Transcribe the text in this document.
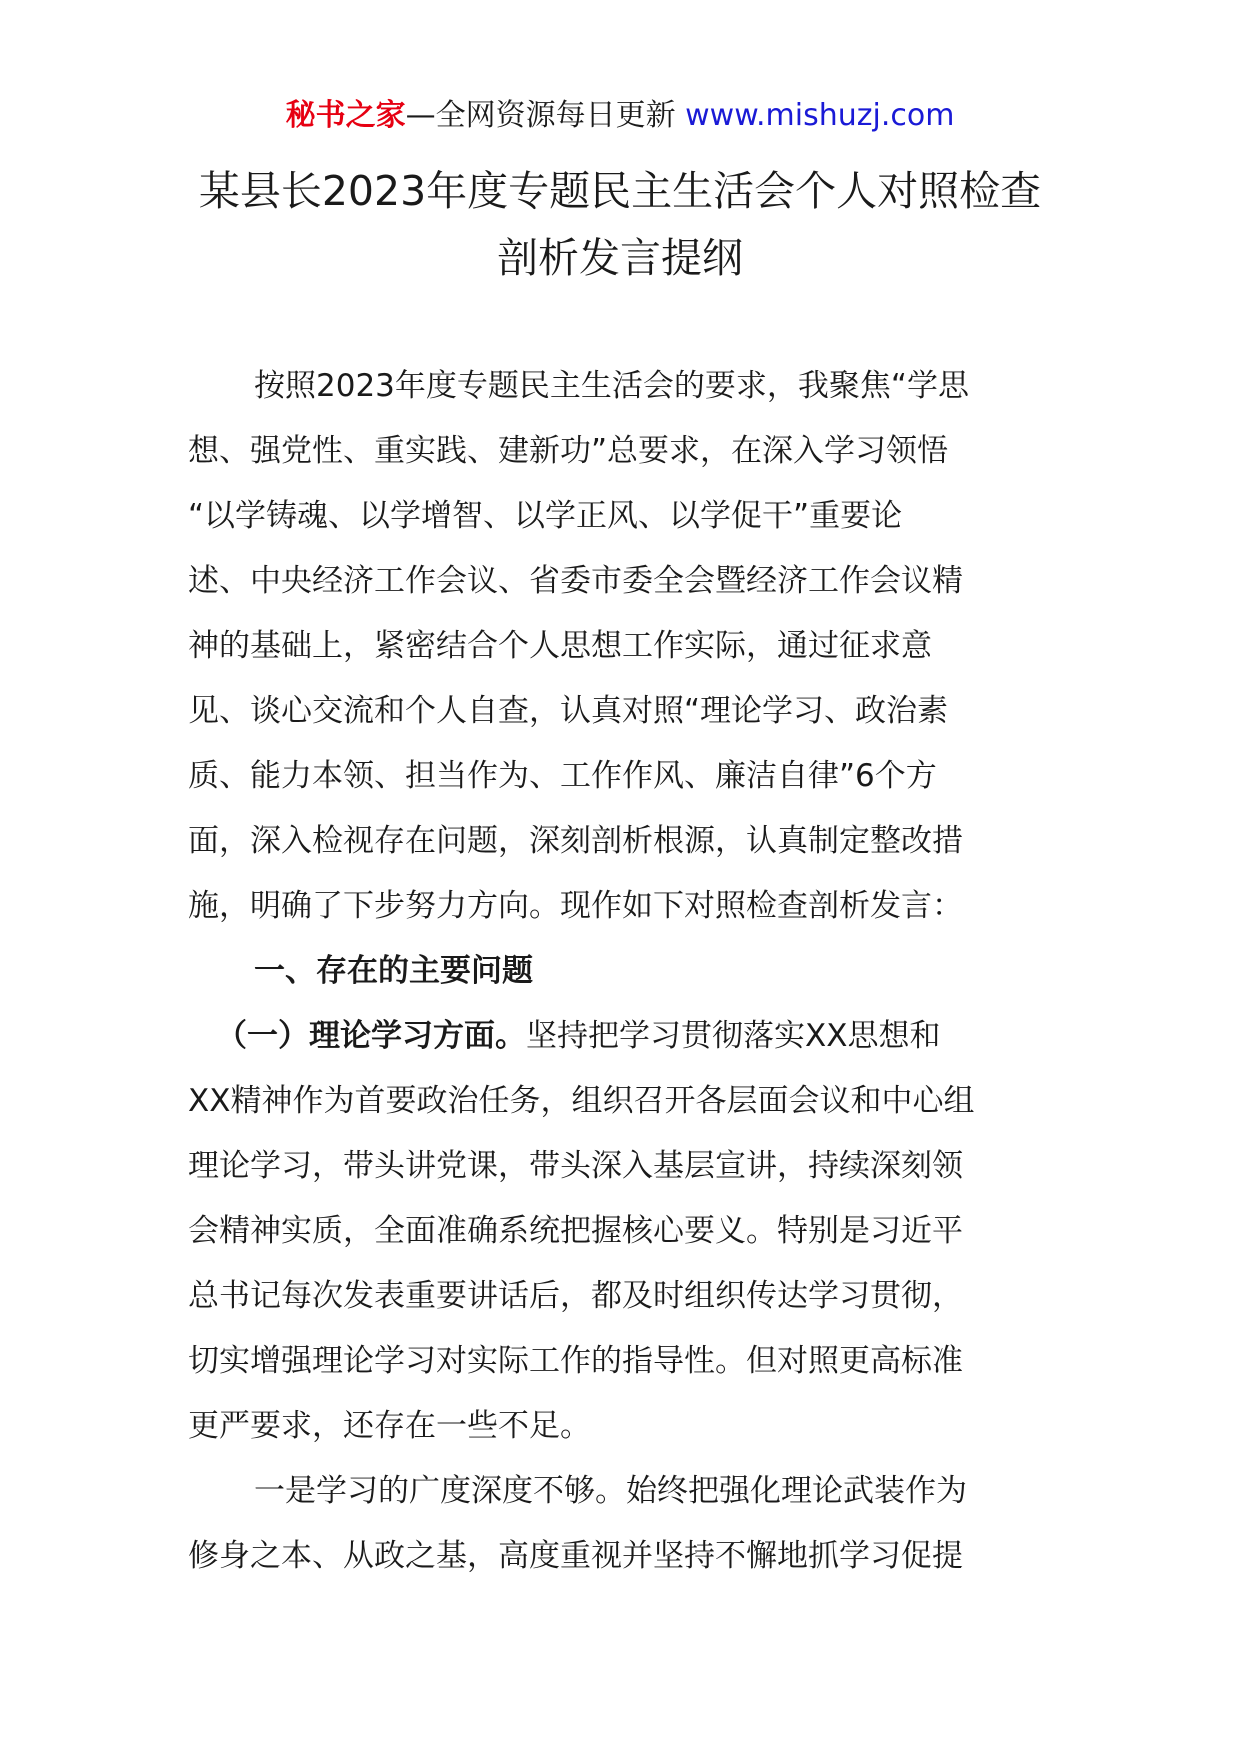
秘书之家—全网资源每日更新 www.mishuzj.com
某县长2023年度专题民主生活会个人对照检查
剖析发言提纲
按照2023年度专题民主生活会的要求，我聚焦“学思
想、强党性、重实践、建新功”总要求，在深入学习领悟
“以学铸魂、以学增智、以学正风、以学促干”重要论
述、中央经济工作会议、省委市委全会暨经济工作会议精
神的基础上，紧密结合个人思想工作实际，通过征求意
见、谈心交流和个人自查，认真对照“理论学习、政治素
质、能力本领、担当作为、工作作风、廉洁自律”6个方
面，深入检视存在问题，深刻剖析根源，认真制定整改措
施，明确了下步努力方向。现作如下对照检查剖析发言：
一、存在的主要问题
（一）理论学习方面。坚持把学习贯彻落实XX思想和
XX精神作为首要政治任务，组织召开各层面会议和中心组
理论学习，带头讲党课，带头深入基层宣讲，持续深刻领
会精神实质，全面准确系统把握核心要义。特别是习近平
总书记每次发表重要讲话后，都及时组织传达学习贯彻，
切实增强理论学习对实际工作的指导性。但对照更高标准
更严要求，还存在一些不足。
一是学习的广度深度不够。始终把强化理论武装作为
修身之本、从政之基，高度重视并坚持不懈地抓学习促提
